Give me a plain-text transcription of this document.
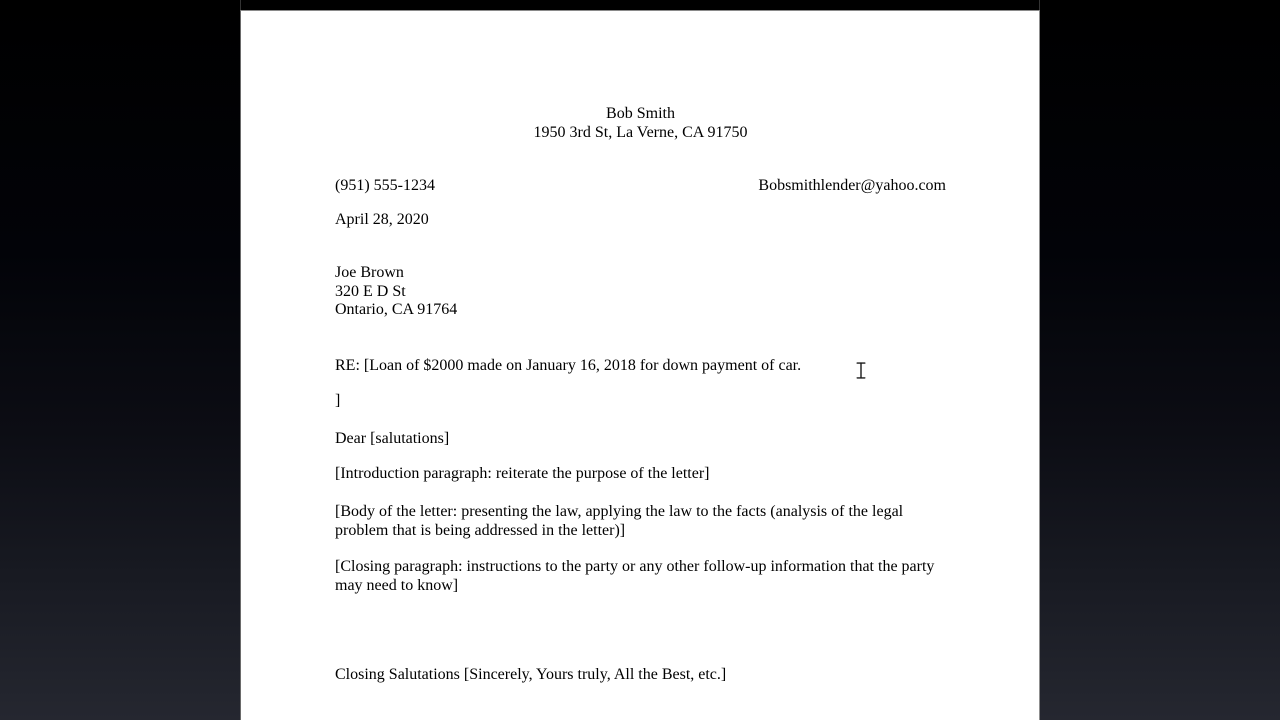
Bob Smith
1950 3rd St, La Verne, CA 91750
(951) 555-1234	Bobsmithlender@yahoo.com
April 28, 2020
Joe Brown
320 E D St
Ontario, CA 91764
RE: [Loan of $2000 made on January 16, 2018 for down payment of car.
]
Dear [salutations]
[Introduction paragraph: reiterate the purpose of the letter]
[Body of the letter: presenting the law, applying the law to the facts (analysis of the legal
problem that is being addressed in the letter)]
[Closing paragraph: instructions to the party or any other follow-up information that the party
may need to know]
Closing Salutations [Sincerely, Yours truly, All the Best, etc.]
